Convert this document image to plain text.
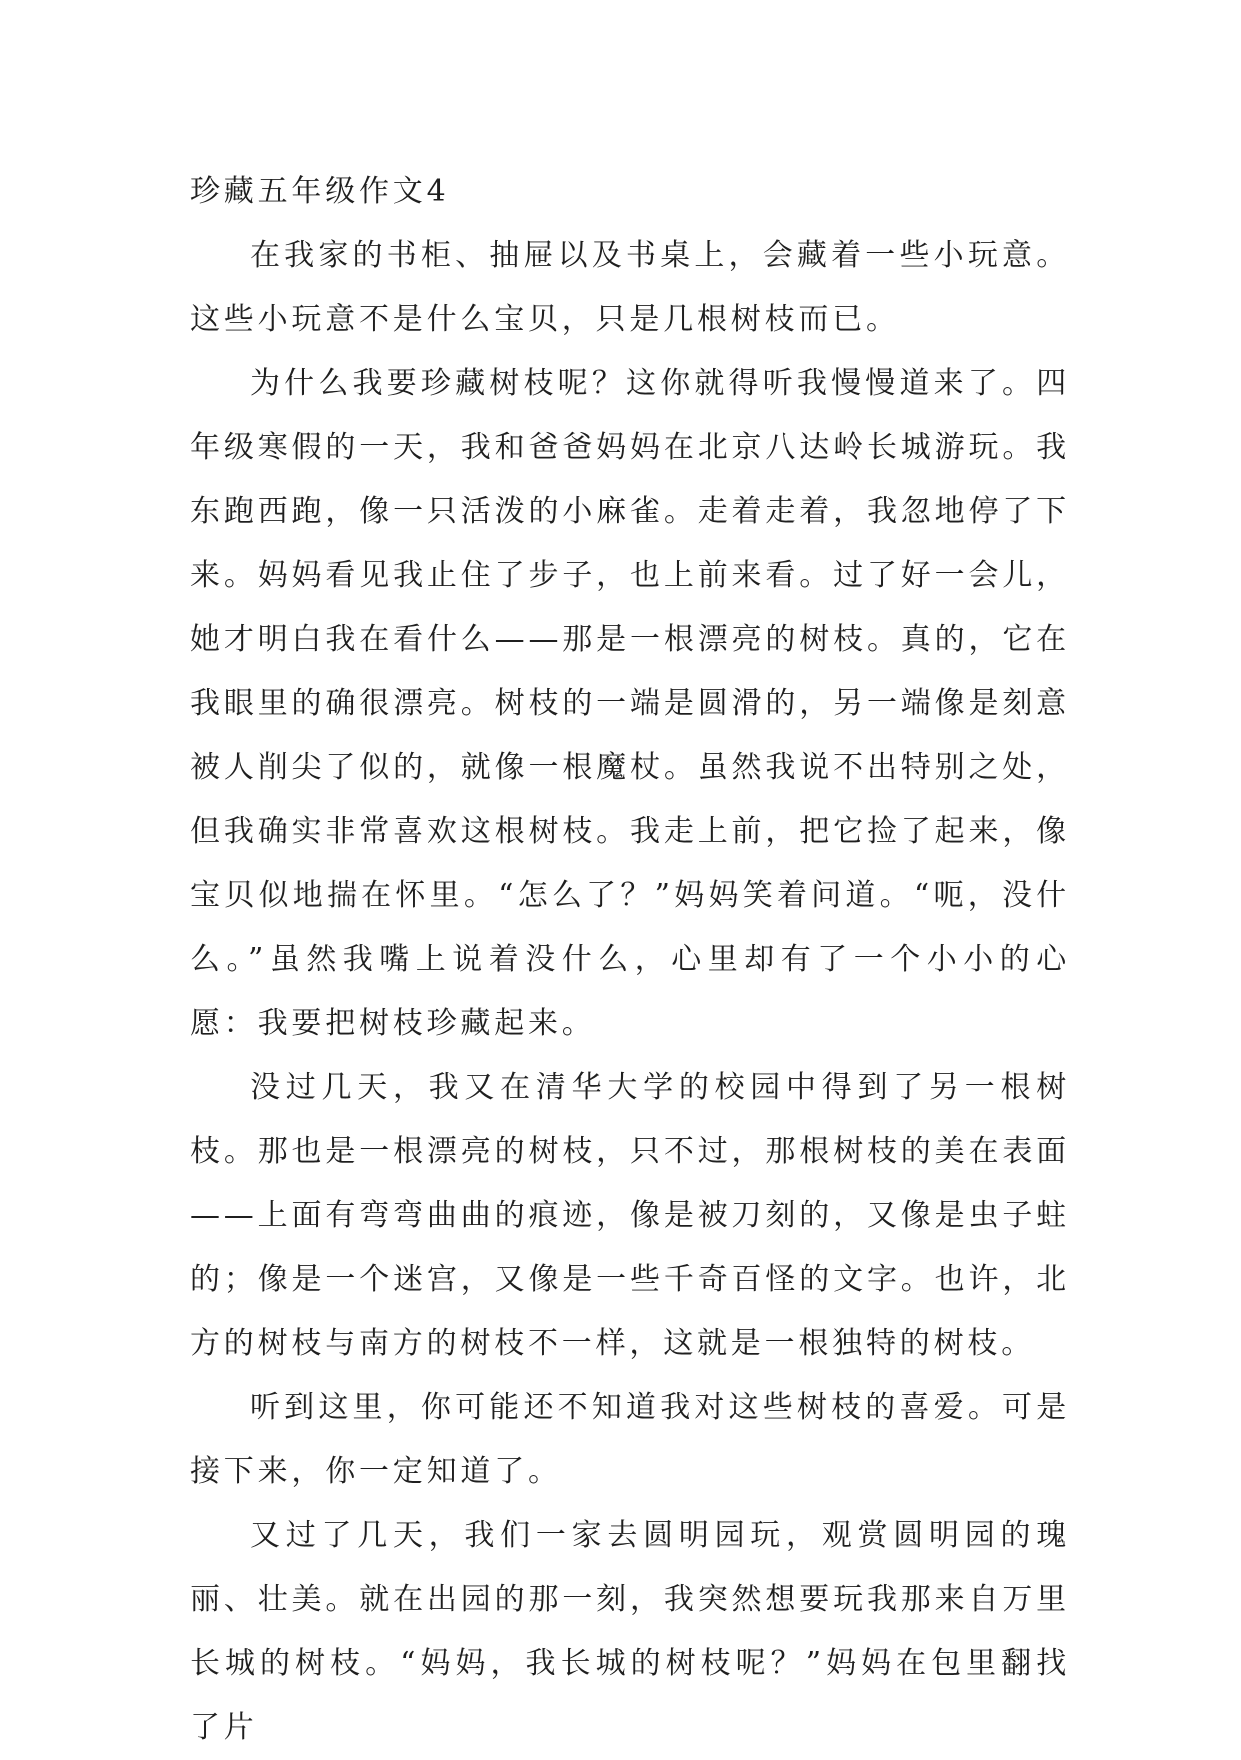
珍藏五年级作文4

在我家的书柜、抽屉以及书桌上，会藏着一些小玩意。这些小玩意不是什么宝贝，只是几根树枝而已。

为什么我要珍藏树枝呢？这你就得听我慢慢道来了。四年级寒假的一天，我和爸爸妈妈在北京八达岭长城游玩。我东跑西跑，像一只活泼的小麻雀。走着走着，我忽地停了下来。妈妈看见我止住了步子，也上前来看。过了好一会儿，她才明白我在看什么——那是一根漂亮的树枝。真的，它在我眼里的确很漂亮。树枝的一端是圆滑的，另一端像是刻意被人削尖了似的，就像一根魔杖。虽然我说不出特别之处，但我确实非常喜欢这根树枝。我走上前，把它捡了起来，像宝贝似地揣在怀里。“怎么了？”妈妈笑着问道。“呃，没什么。”虽然我嘴上说着没什么，心里却有了一个小小的心愿：我要把树枝珍藏起来。

没过几天，我又在清华大学的校园中得到了另一根树枝。那也是一根漂亮的树枝，只不过，那根树枝的美在表面——上面有弯弯曲曲的痕迹，像是被刀刻的，又像是虫子蛀的；像是一个迷宫，又像是一些千奇百怪的文字。也许，北方的树枝与南方的树枝不一样，这就是一根独特的树枝。

听到这里，你可能还不知道我对这些树枝的喜爱。可是接下来，你一定知道了。

又过了几天，我们一家去圆明园玩，观赏圆明园的瑰丽、壮美。就在出园的那一刻，我突然想要玩我那来自万里长城的树枝。“妈妈，我长城的树枝呢？”妈妈在包里翻找了片
